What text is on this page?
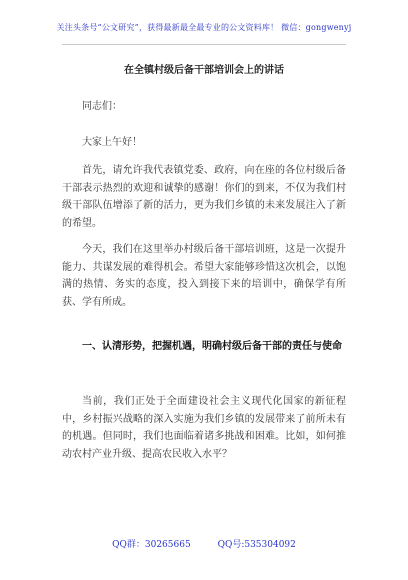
关注头条号“公文研究”，获得最新最全最专业的公文资料库！ 微信：gongwenyj
在全镇村级后备干部培训会上的讲话
同志们：
大家上午好！
首先，请允许我代表镇党委、政府，向在座的各位村级后备干部表示热烈的欢迎和诚挚的感谢！你们的到来，不仅为我们村级干部队伍增添了新的活力，更为我们乡镇的未来发展注入了新的希望。
今天，我们在这里举办村级后备干部培训班，这是一次提升能力、共谋发展的难得机会。希望大家能够珍惜这次机会，以饱满的热情、务实的态度，投入到接下来的培训中，确保学有所获、学有所成。
一、认清形势，把握机遇，明确村级后备干部的责任与使命
当前，我们正处于全面建设社会主义现代化国家的新征程中，乡村振兴战略的深入实施为我们乡镇的发展带来了前所未有的机遇。但同时，我们也面临着诸多挑战和困难。比如，如何推动农村产业升级、提高农民收入水平？
QQ群：30265665	QQ号:535304092
